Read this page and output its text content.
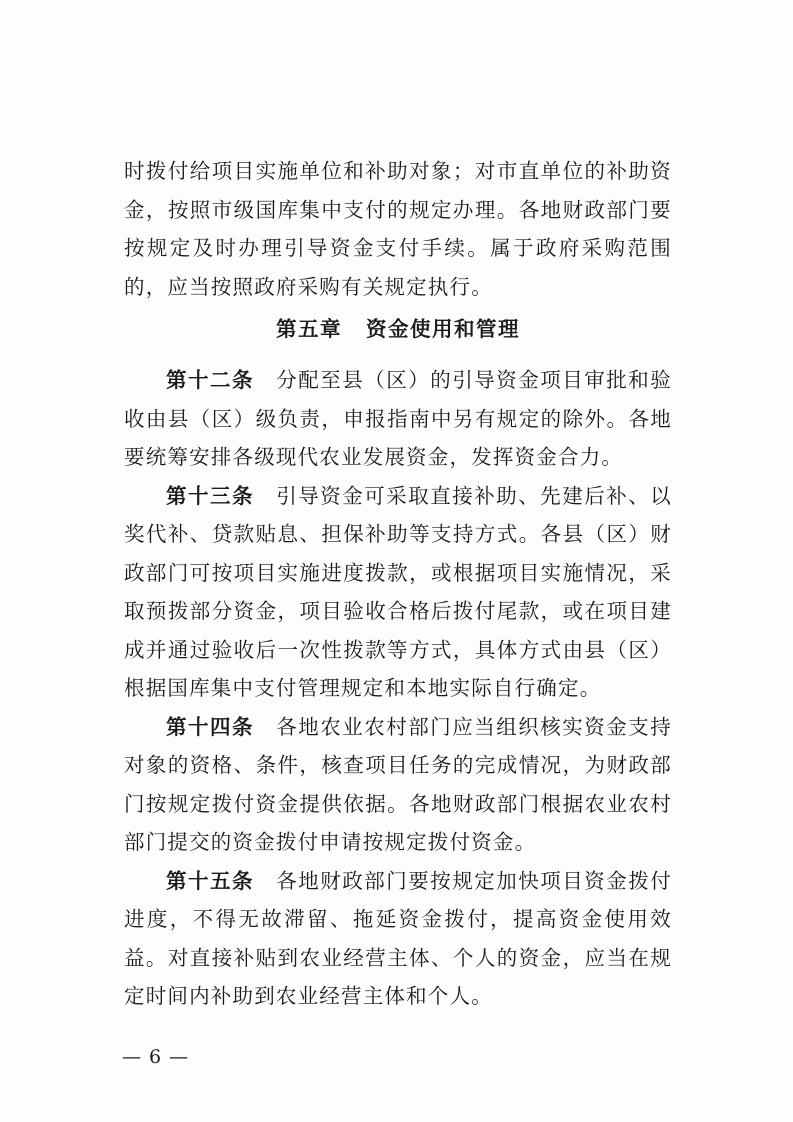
时拨付给项目实施单位和补助对象；对市直单位的补助资金，按照市级国库集中支付的规定办理。各地财政部门要按规定及时办理引导资金支付手续。属于政府采购范围的，应当按照政府采购有关规定执行。

第五章 资金使用和管理

第十二条 分配至县（区）的引导资金项目审批和验收由县（区）级负责，申报指南中另有规定的除外。各地要统筹安排各级现代农业发展资金，发挥资金合力。

第十三条 引导资金可采取直接补助、先建后补、以奖代补、贷款贴息、担保补助等支持方式。各县（区）财政部门可按项目实施进度拨款，或根据项目实施情况，采取预拨部分资金，项目验收合格后拨付尾款，或在项目建成并通过验收后一次性拨款等方式，具体方式由县（区）根据国库集中支付管理规定和本地实际自行确定。

第十四条 各地农业农村部门应当组织核实资金支持对象的资格、条件，核查项目任务的完成情况，为财政部门按规定拨付资金提供依据。各地财政部门根据农业农村部门提交的资金拨付申请按规定拨付资金。

第十五条 各地财政部门要按规定加快项目资金拨付进度，不得无故滞留、拖延资金拨付，提高资金使用效益。对直接补贴到农业经营主体、个人的资金，应当在规定时间内补助到农业经营主体和个人。

— 6 —
